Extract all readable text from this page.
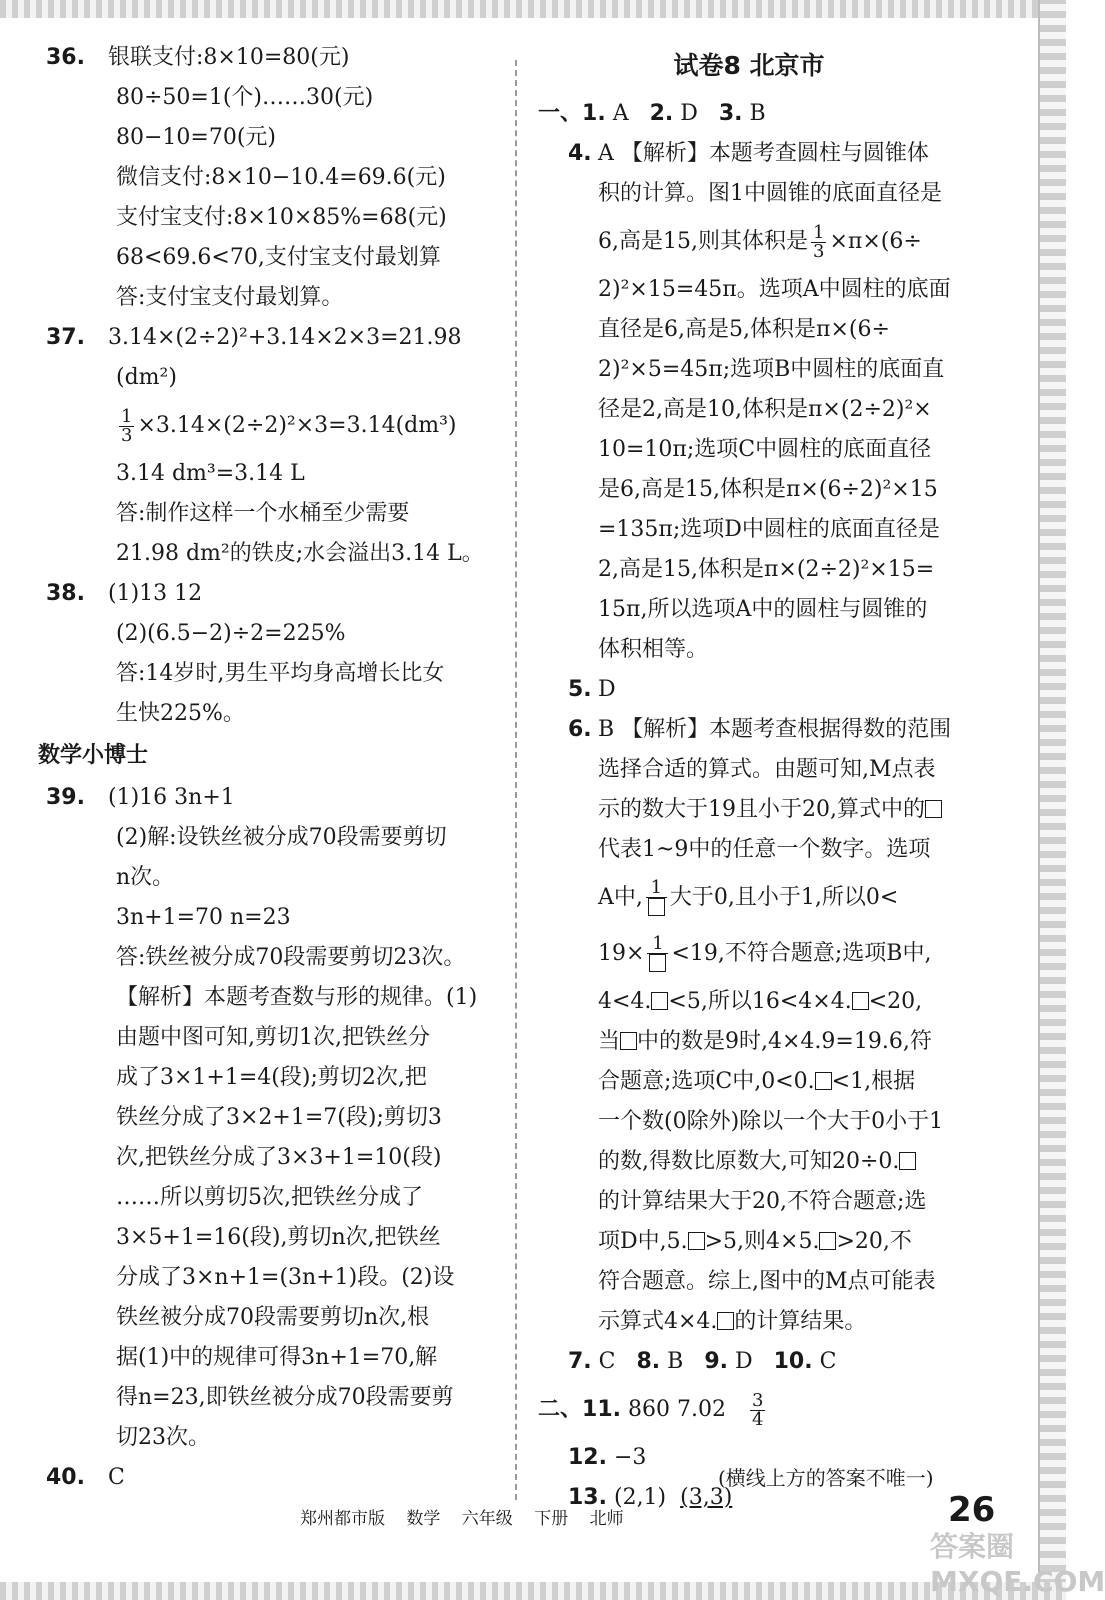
36. 银联支付:8×10=80(元)
80÷50=1(个)……30(元)
80−10=70(元)
微信支付:8×10−10.4=69.6(元)
支付宝支付:8×10×85%=68(元)
68<69.6<70,支付宝支付最划算
答:支付宝支付最划算。
37. 3.14×(2÷2)²+3.14×2×3=21.98
(dm²)
$\frac{1}{3} \times 3.14\times(2\div 2)^2\times 3=3.14(dm^3)$
3.14 dm³=3.14 L
答:制作这样一个水桶至少需要
21.98 dm²的铁皮;水会溢出3.14 L。
38. (1)13 12
(2)(6.5−2)÷2=225%
答:14岁时,男生平均身高增长比女
生快225%。
数学小博士
39. (1)16 3n+1
(2)解:设铁丝被分成70段需要剪切
n次。
3n+1=70 n=23
答:铁丝被分成70段需要剪切23次。
【解析】本题考查数与形的规律。(1)
由题中图可知,剪切1次,把铁丝分
成了3×1+1=4(段);剪切2次,把
铁丝分成了3×2+1=7(段);剪切3
次,把铁丝分成了3×3+1=10(段)
……所以剪切5次,把铁丝分成了
3×5+1=16(段),剪切n次,把铁丝
分成了3×n+1=(3n+1)段。(2)设
铁丝被分成70段需要剪切n次,根
据(1)中的规律可得3n+1=70,解
得n=23,即铁丝被分成70段需要剪
切23次。
40. C
试卷8 北京市
一、1. A 2. D 3. B
4. A 【解析】本题考查圆柱与圆锥体
积的计算。图1中圆锥的底面直径是
6,高是15,则其体积是 $\frac{1}{3} \times\pi\times(6\div$
2)²×15=45π。选项A中圆柱的底面
直径是6,高是5,体积是π×(6÷
2)²×5=45π;选项B中圆柱的底面直
径是2,高是10,体积是π×(2÷2)²×
10=10π;选项C中圆柱的底面直径
是6,高是15,体积是π×(6÷2)²×15
=135π;选项D中圆柱的底面直径是
2,高是15,体积是π×(2÷2)²×15=
15π,所以选项A中的圆柱与圆锥的
体积相等。
5. D
6. B 【解析】本题考查根据得数的范围
选择合适的算式。由题可知,M点表
示的数大于19且小于20,算式中的
代表1~9中的任意一个数字。选项
A中, 1 大于0,且小于1,所以0<
19× 1 <19,不符合题意;选项B中,
4<4. <5,所以16<4×4. <20,
当 中的数是9时,4×4.9=19.6,符
合题意;选项C中,0<0. <1,根据
一个数(0除外)除以一个大于0小于1
的数,得数比原数大,可知20÷0.
的计算结果大于20,不符合题意;选
项D中,5. >5,则4×5. >20,不
符合题意。综上,图中的M点可能表
示算式4×4. 的计算结果。
7. C 8. B 9. D 10. C
二、11. 860 $7.02 \frac{3}{4}$
12. −3
13. (2,1) (3,3)
(横线上方的答案不唯一)
郑州都市版 数学 六年级 下册 北师	26
答案圈 MXQE.COM
